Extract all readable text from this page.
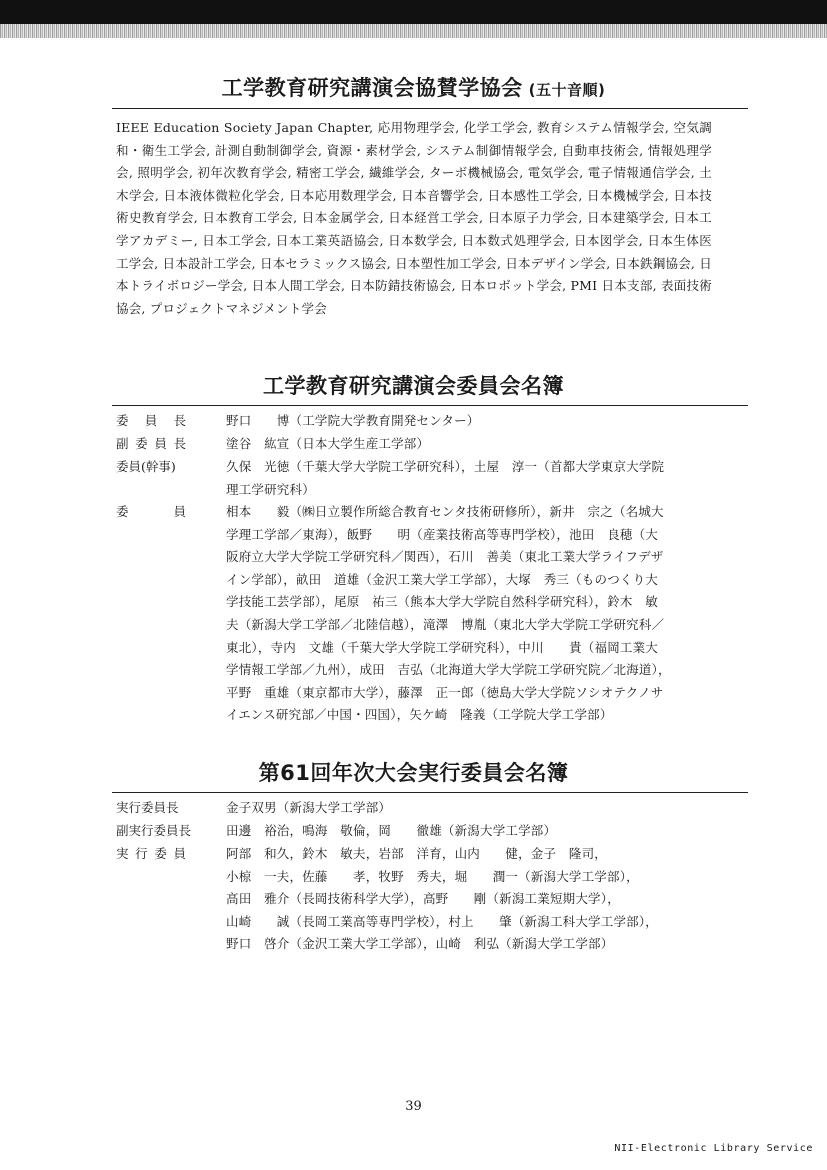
工学教育研究講演会協賛学協会 (五十音順)

IEEE Education Society Japan Chapter, 応用物理学会, 化学工学会, 教育システム情報学会, 空気調和・衛生工学会, 計測自動制御学会, 資源・素材学会, システム制御情報学会, 自動車技術会, 情報処理学会, 照明学会, 初年次教育学会, 精密工学会, 繊維学会, ターボ機械協会, 電気学会, 電子情報通信学会, 土木学会, 日本液体微粒化学会, 日本応用数理学会, 日本音響学会, 日本感性工学会, 日本機械学会, 日本技術史教育学会, 日本教育工学会, 日本金属学会, 日本経営工学会, 日本原子力学会, 日本建築学会, 日本工学アカデミー, 日本工学会, 日本工業英語協会, 日本数学会, 日本数式処理学会, 日本図学会, 日本生体医工学会, 日本設計工学会, 日本セラミックス協会, 日本塑性加工学会, 日本デザイン学会, 日本鉄鋼協会, 日本トライボロジー学会, 日本人間工学会, 日本防錆技術協会, 日本ロボット学会, PMI 日本支部, 表面技術協会, プロジェクトマネジメント学会

工学教育研究講演会委員会名簿
委 員 長	野口　　博（工学院大学教育開発センター）
副 委 員 長	塗谷　紘宣（日本大学生産工学部）
委員(幹事)	久保　光徳（千葉大学大学院工学研究科），土屋　淳一（首都大学東京大学院
理工学研究科）
委	員	相本　　毅（㈱日立製作所総合教育センタ技術研修所），新井　宗之（名城大
学理工学部／東海），飯野　　明（産業技術高等専門学校），池田　良穂（大
阪府立大学大学院工学研究科／関西），石川　善美（東北工業大学ライフデザ
イン学部），畝田　道雄（金沢工業大学工学部），大塚　秀三（ものつくり大
学技能工芸学部），尾原　祐三（熊本大学大学院自然科学研究科），鈴木　敏
夫（新潟大学工学部／北陸信越），滝澤　博胤（東北大学大学院工学研究科／
東北），寺内　文雄（千葉大学大学院工学研究科），中川　　貴（福岡工業大
学情報工学部／九州），成田　吉弘（北海道大学大学院工学研究院／北海道），
平野　重雄（東京都市大学），藤澤　正一郎（徳島大学大学院ソシオテクノサ
イエンス研究部／中国・四国），矢ケ崎　隆義（工学院大学工学部）
第61回年次大会実行委員会名簿
実行委員長	金子双男（新潟大学工学部）
副実行委員長	田邊　裕治，鳴海　敬倫，岡　　徹雄（新潟大学工学部）
実 行 委 員	阿部　和久，鈴木　敏夫，岩部　洋育，山内　　健，金子　隆司，
小椋　一夫，佐藤　　孝，牧野　秀夫，堀　　潤一（新潟大学工学部），
高田　雅介（長岡技術科学大学），高野　　剛（新潟工業短期大学），
山崎　　誠（長岡工業高等専門学校），村上　　肇（新潟工科大学工学部），
野口　啓介（金沢工業大学工学部），山崎　利弘（新潟大学工学部）
39
NII-Electronic Library Service
